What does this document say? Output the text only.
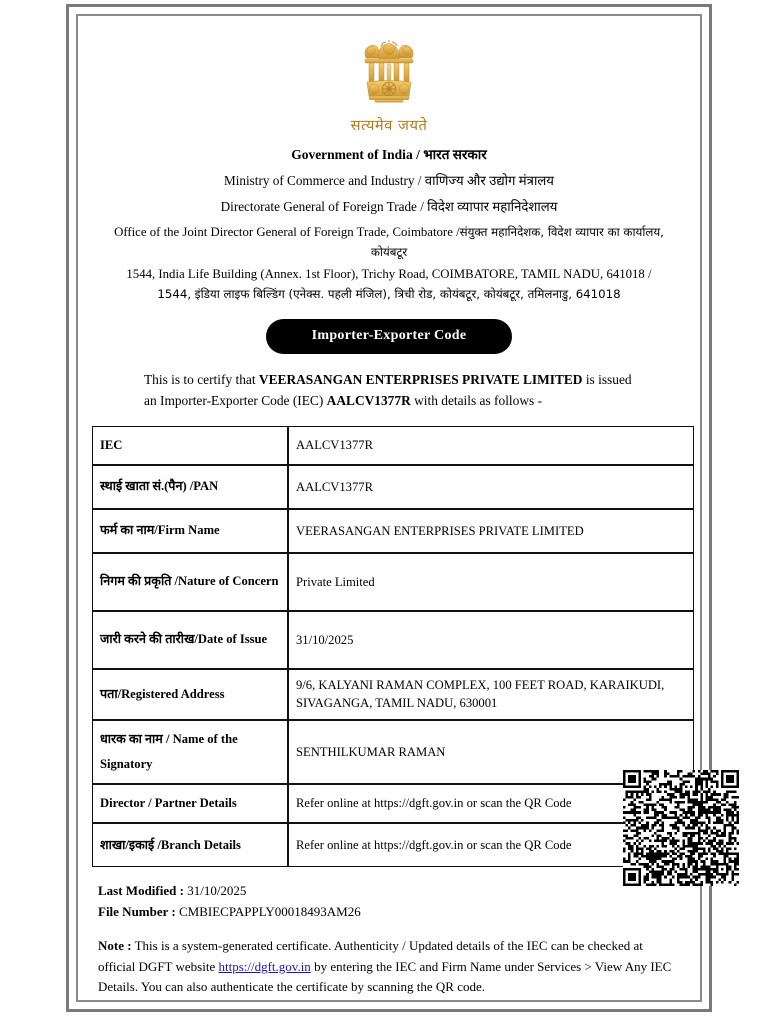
सत्यमेव जयते
Government of India / भारत सरकार
Ministry of Commerce and Industry / वाणिज्य और उद्योग मंत्रालय
Directorate General of Foreign Trade / विदेश व्यापार महानिदेशालय
Office of the Joint Director General of Foreign Trade, Coimbatore /संयुक्त महानिदेशक, विदेश व्यापार का कार्यालय, कोयंबटूर
1544, India Life Building (Annex. 1st Floor), Trichy Road, COIMBATORE, TAMIL NADU, 641018 /
1544, इंडिया लाइफ बिल्डिंग (एनेक्स. पहली मंजिल), त्रिची रोड, कोयंबटूर, कोयंबटूर, तमिलनाडु, 641018
Importer-Exporter Code
This is to certify that VEERASANGAN ENTERPRISES PRIVATE LIMITED is issued an Importer-Exporter Code (IEC) AALCV1377R with details as follows -
IEC	AALCV1377R
स्थाई खाता सं.(पैन) /PAN	AALCV1377R
फर्म का नाम/Firm Name	VEERASANGAN ENTERPRISES PRIVATE LIMITED
निगम की प्रकृति /Nature of Concern	Private Limited
जारी करने की तारीख/Date of Issue	31/10/2025
पता/Registered Address	9/6, KALYANI RAMAN COMPLEX, 100 FEET ROAD, KARAIKUDI, SIVAGANGA, TAMIL NADU, 630001
धारक का नाम / Name of the Signatory	SENTHILKUMAR RAMAN
Director / Partner Details	Refer online at https://dgft.gov.in or scan the QR Code
शाखा/इकाई /Branch Details	Refer online at https://dgft.gov.in or scan the QR Code
Last Modified : 31/10/2025
File Number : CMBIECPAPPLY00018493AM26
Note : This is a system-generated certificate. Authenticity / Updated details of the IEC can be checked at official DGFT website https://dgft.gov.in by entering the IEC and Firm Name under Services > View Any IEC Details. You can also authenticate the certificate by scanning the QR code.
